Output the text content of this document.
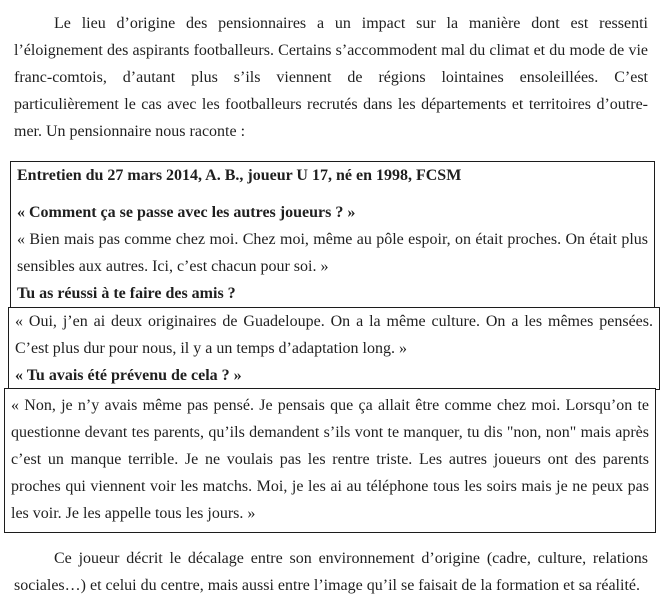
Le lieu d’origine des pensionnaires a un impact sur la manière dont est ressenti l’éloignement des aspirants footballeurs. Certains s’accommodent mal du climat et du mode de vie franc-comtois, d’autant plus s’ils viennent de régions lointaines ensoleillées. C’est particulièrement le cas avec les footballeurs recrutés dans les départements et territoires d’outre-mer. Un pensionnaire nous raconte :

Entretien du 27 mars 2014, A. B., joueur U 17, né en 1998, FCSM

« Comment ça se passe avec les autres joueurs ? »

« Bien mais pas comme chez moi. Chez moi, même au pôle espoir, on était proches. On était plus sensibles aux autres. Ici, c’est chacun pour soi. »

Tu as réussi à te faire des amis ?

« Oui, j’en ai deux originaires de Guadeloupe. On a la même culture. On a les mêmes pensées. C’est plus dur pour nous, il y a un temps d’adaptation long. »

« Tu avais été prévenu de cela ? »

« Non, je n’y avais même pas pensé. Je pensais que ça allait être comme chez moi. Lorsqu’on te questionne devant tes parents, qu’ils demandent s’ils vont te manquer, tu dis "non, non" mais après c’est un manque terrible. Je ne voulais pas les rentre triste. Les autres joueurs ont des parents proches qui viennent voir les matchs. Moi, je les ai au téléphone tous les soirs mais je ne peux pas les voir. Je les appelle tous les jours. »

Ce joueur décrit le décalage entre son environnement d’origine (cadre, culture, relations sociales…) et celui du centre, mais aussi entre l’image qu’il se faisait de la formation et sa réalité.
